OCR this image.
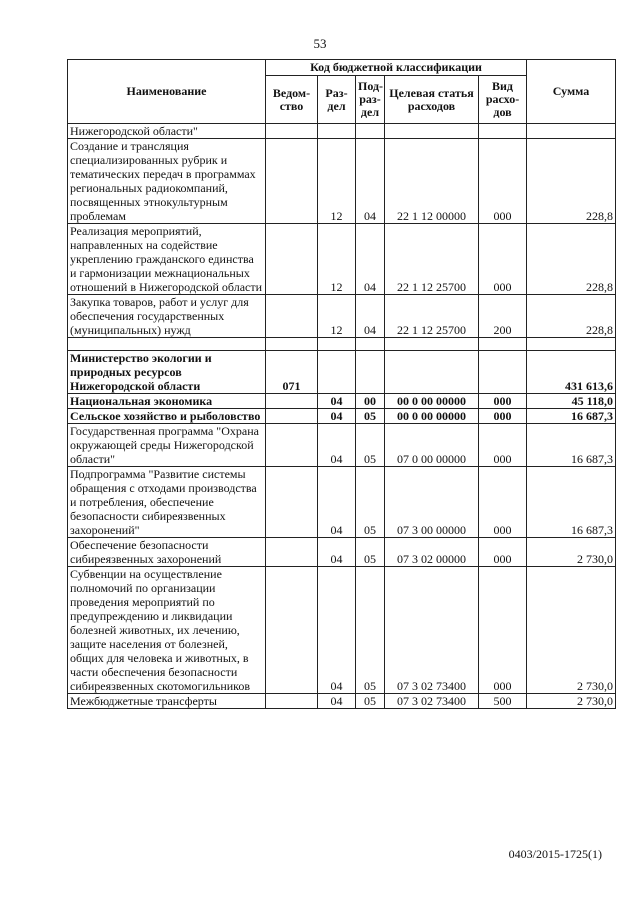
53
Наименование	Код бюджетной классификации					Сумма
	Ведом-ство	Раз-дел	Под-раз-дел	Целевая статья расходов	Вид расхо-дов	
Нижегородской области"						
Создание и трансляция специализированных рубрик и тематических передач в программах региональных радиокомпаний, посвященных этнокультурным проблемам		12	04	22 1 12 00000	000	228,8
Реализация мероприятий, направленных на содействие укреплению гражданского единства и гармонизации межнациональных отношений в Нижегородской области		12	04	22 1 12 25700	000	228,8
Закупка товаров, работ и услуг для обеспечения государственных (муниципальных) нужд		12	04	22 1 12 25700	200	228,8

Министерство экологии и природных ресурсов Нижегородской области	071					431 613,6
Национальная экономика		04	00	00 0 00 00000	000	45 118,0
Сельское хозяйство и рыболовство		04	05	00 0 00 00000	000	16 687,3
Государственная программа "Охрана окружающей среды Нижегородской области"		04	05	07 0 00 00000	000	16 687,3
Подпрограмма "Развитие системы обращения с отходами производства и потребления, обеспечение безопасности сибиреязвенных захоронений"		04	05	07 3 00 00000	000	16 687,3
Обеспечение безопасности сибиреязвенных захоронений		04	05	07 3 02 00000	000	2 730,0
Субвенции на осуществление полномочий по организации проведения мероприятий по предупреждению и ликвидации болезней животных, их лечению, защите населения от болезней, общих для человека и животных, в части обеспечения безопасности сибиреязвенных скотомогильников		04	05	07 3 02 73400	000	2 730,0
Межбюджетные трансферты		04	05	07 3 02 73400	500	2 730,0
0403/2015-1725(1)
